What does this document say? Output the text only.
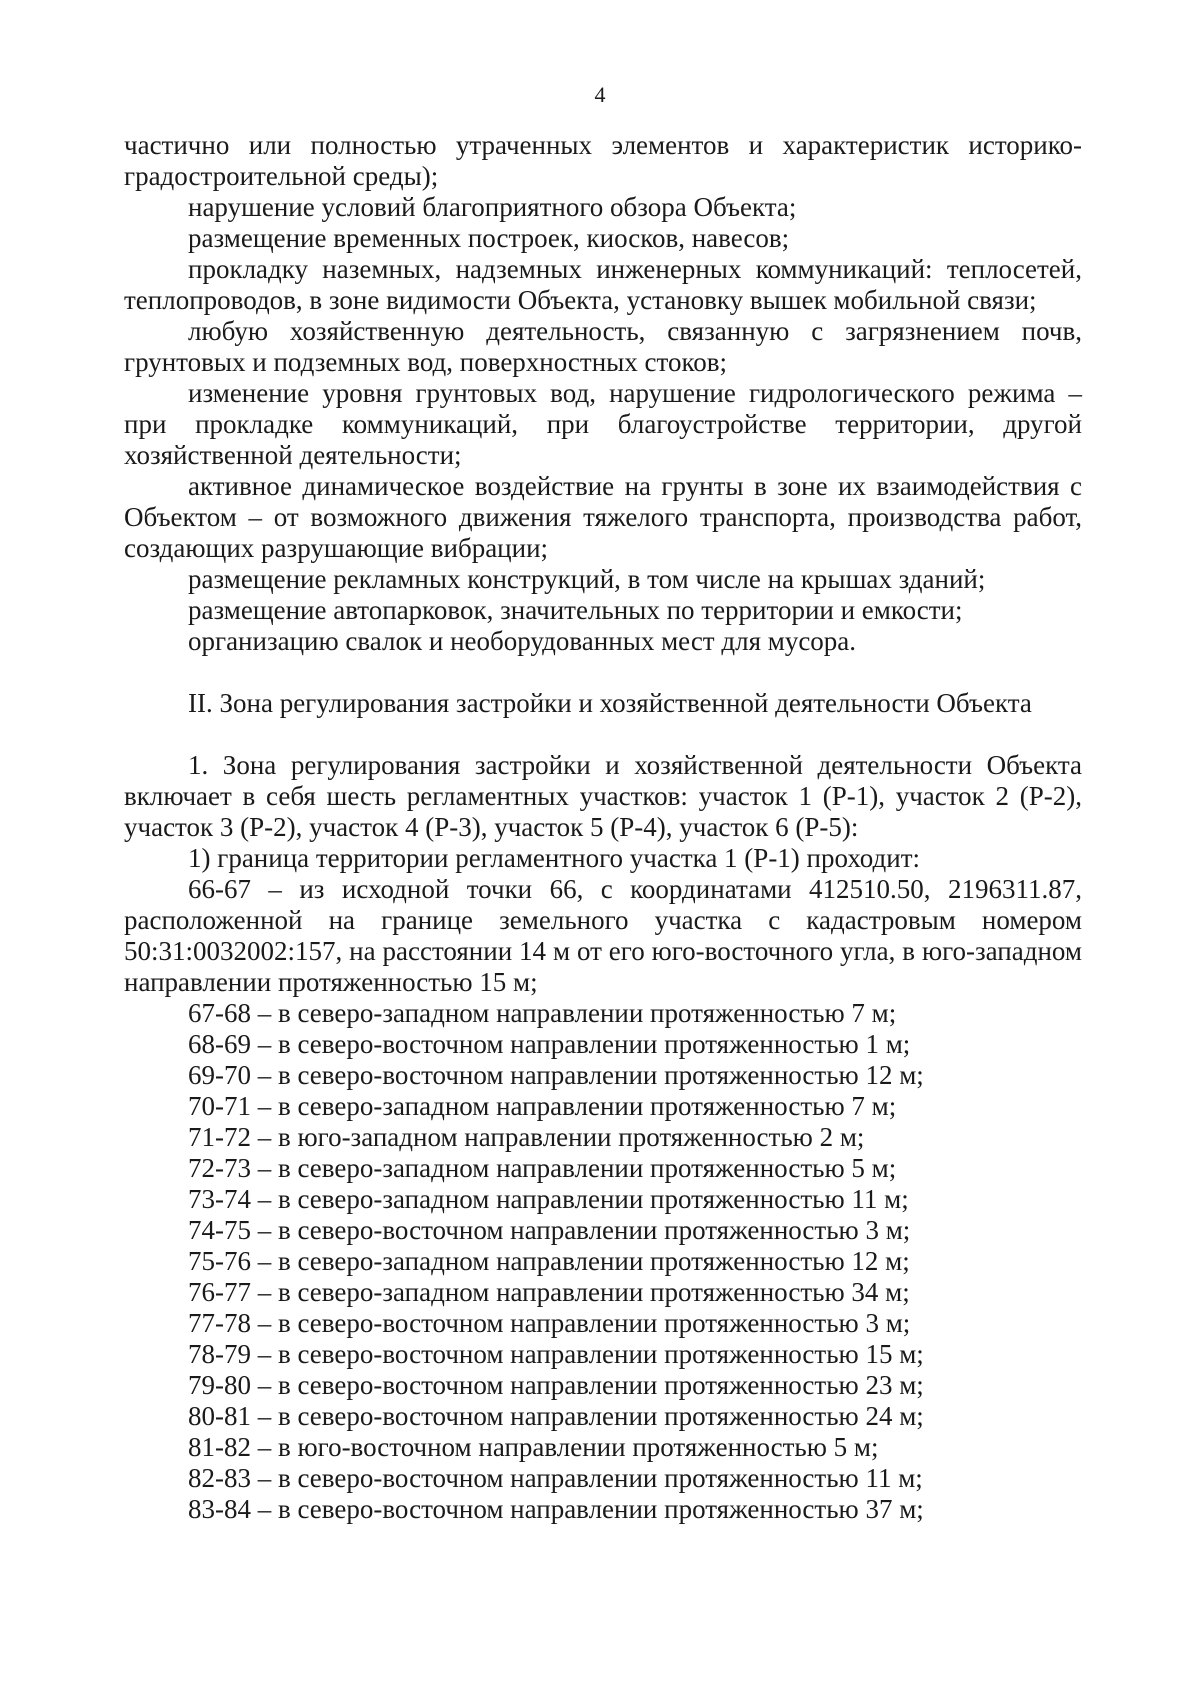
4

частично или полностью утраченных элементов и характеристик историко-градостроительной среды);

нарушение условий благоприятного обзора Объекта;

размещение временных построек, киосков, навесов;

прокладку наземных, надземных инженерных коммуникаций: теплосетей, теплопроводов, в зоне видимости Объекта, установку вышек мобильной связи;

любую хозяйственную деятельность, связанную с загрязнением почв, грунтовых и подземных вод, поверхностных стоков;

изменение уровня грунтовых вод, нарушение гидрологического режима – при прокладке коммуникаций, при благоустройстве территории, другой хозяйственной деятельности;

активное динамическое воздействие на грунты в зоне их взаимодействия с Объектом – от возможного движения тяжелого транспорта, производства работ, создающих разрушающие вибрации;

размещение рекламных конструкций, в том числе на крышах зданий;

размещение автопарковок, значительных по территории и емкости;

организацию свалок и необорудованных мест для мусора.

II. Зона регулирования застройки и хозяйственной деятельности Объекта

1. Зона регулирования застройки и хозяйственной деятельности Объекта включает в себя шесть регламентных участков: участок 1 (Р-1), участок 2 (Р-2), участок 3 (Р-2), участок 4 (Р-3), участок 5 (Р-4), участок 6 (Р-5):

1) граница территории регламентного участка 1 (Р-1) проходит:

66-67 – из исходной точки 66, с координатами 412510.50, 2196311.87, расположенной на границе земельного участка с кадастровым номером 50:31:0032002:157, на расстоянии 14 м от его юго-восточного угла, в юго-западном направлении протяженностью 15 м;

67-68 – в северо-западном направлении протяженностью 7 м;

68-69 – в северо-восточном направлении протяженностью 1 м;

69-70 – в северо-восточном направлении протяженностью 12 м;

70-71 – в северо-западном направлении протяженностью 7 м;

71-72 – в юго-западном направлении протяженностью 2 м;

72-73 – в северо-западном направлении протяженностью 5 м;

73-74 – в северо-западном направлении протяженностью 11 м;

74-75 – в северо-восточном направлении протяженностью 3 м;

75-76 – в северо-западном направлении протяженностью 12 м;

76-77 – в северо-западном направлении протяженностью 34 м;

77-78 – в северо-восточном направлении протяженностью 3 м;

78-79 – в северо-восточном направлении протяженностью 15 м;

79-80 – в северо-восточном направлении протяженностью 23 м;

80-81 – в северо-восточном направлении протяженностью 24 м;

81-82 – в юго-восточном направлении протяженностью 5 м;

82-83 – в северо-восточном направлении протяженностью 11 м;

83-84 – в северо-восточном направлении протяженностью 37 м;
